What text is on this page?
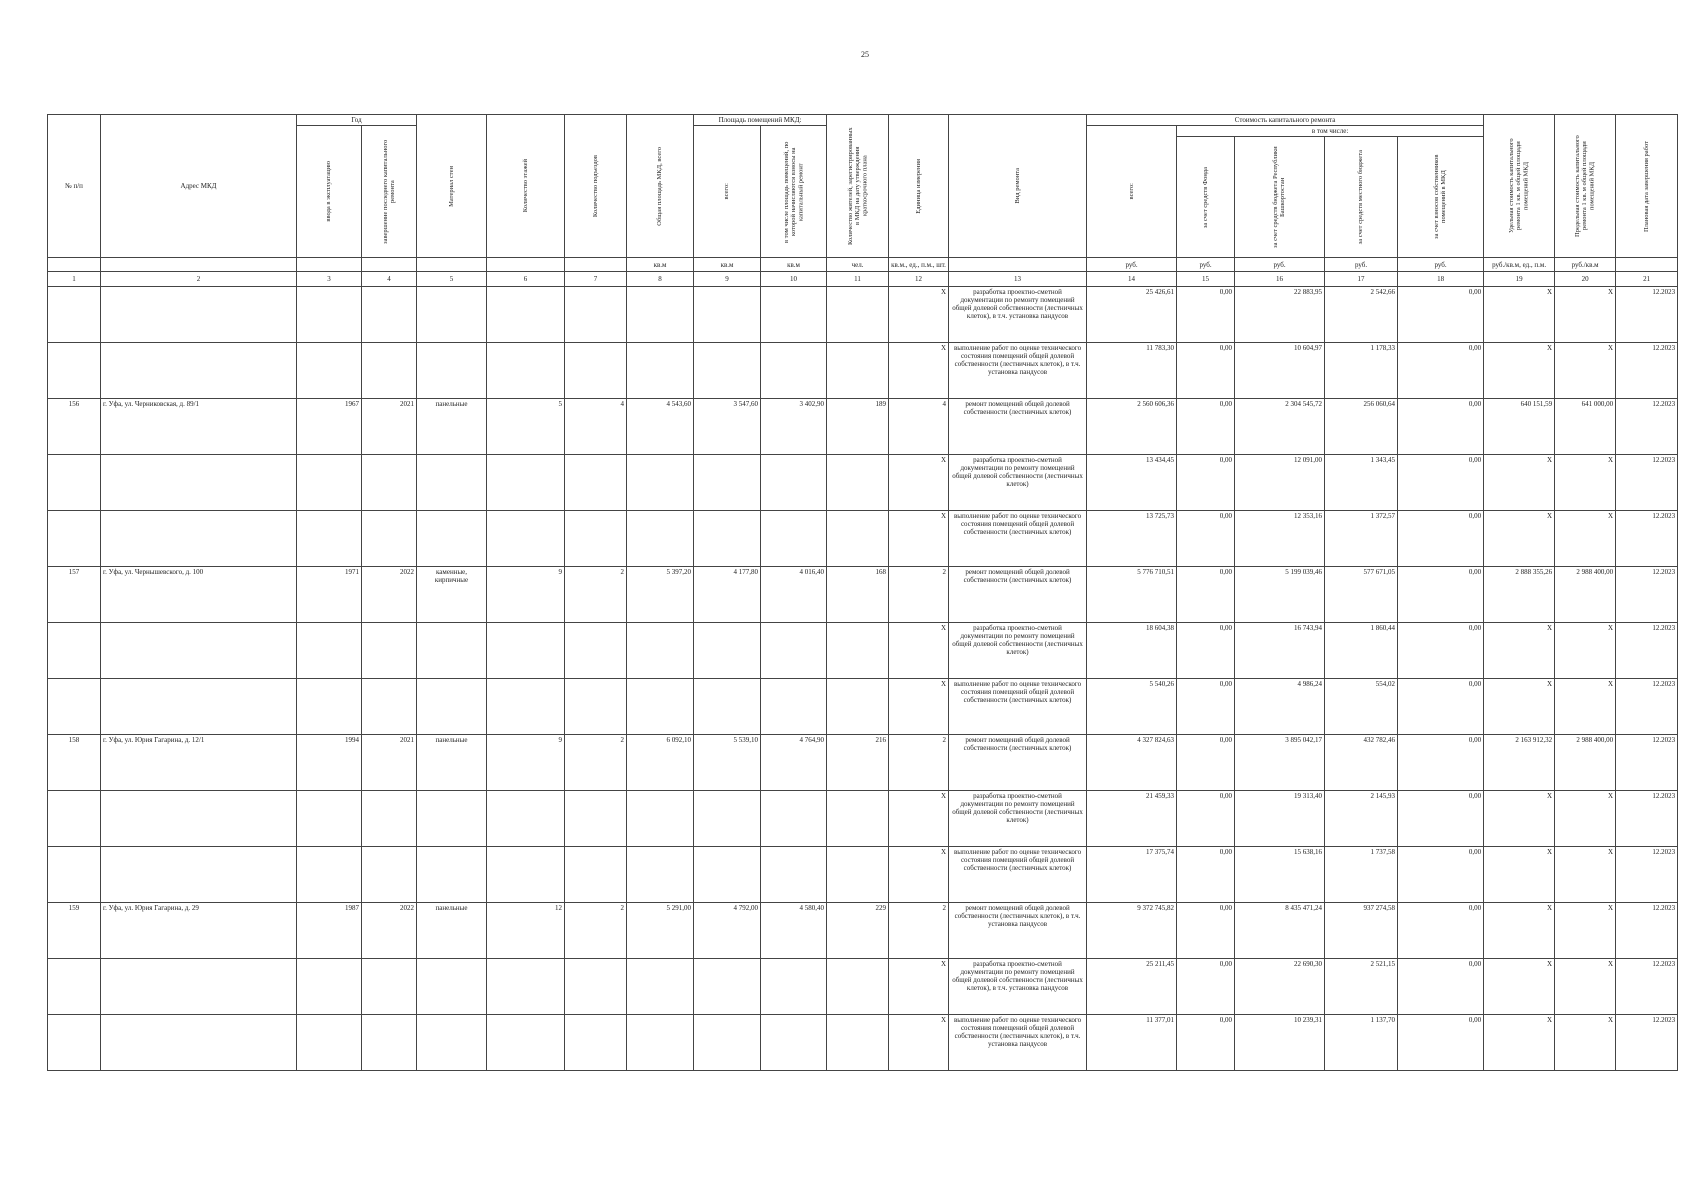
25
№ п/п	Адрес МКД	Год		Материал стен	Количество этажей	Количество подъездов	Общая площадь МКД, всего	Площадь помещений МКД:		Количество жителей, зарегистрированных в МКД на дату утверждения краткосрочного плана	Единица измерения	Вид ремонта	Стоимость капитального ремонта					Удельная стоимость капитального ремонта 1 кв. м общей площади помещений МКД	Предельная стоимость капитального ремонта 1 кв. м общей площади помещений МКД	Плановая дата завершения работ

		ввода в эксплуатацию	завершение последнего капитального ремонта					всего:	в том числе площадь помещений, по которой начисляются взносы на капитальный ремонт				всего:	в том числе:						

														за счет средств Фонда	за счет средств бюджета Республики Башкортостан	за счет средств местного бюджета	за счет взносов собственников помещений в МКД			

							кв.м	кв.м	кв.м	чел.	кв.м., ед., п.м., шт.		руб.	руб.	руб.	руб.	руб.	руб./кв.м, ед., п.м.	руб./кв.м	
1	2	3	4	5	6	7	8	9	10	11	12	13	14	15	16	17	18	19	20	21
											X	разработка проектно-сметной документации по ремонту помещений общей долевой собственности (лестничных клеток), в т.ч. установка пандусов	25 426,61	0,00	22 883,95	2 542,66	0,00	X	X	12.2023
											X	выполнение работ по оценке технического состояния помещений общей долевой собственности (лестничных клеток), в т.ч. установка пандусов	11 783,30	0,00	10 604,97	1 178,33	0,00	X	X	12.2023
156	г. Уфа, ул. Черниковская, д. 89/1	1967	2021	панельные	5	4	4 543,60	3 547,60	3 402,90	189	4	ремонт помещений общей долевой собственности (лестничных клеток)	2 560 606,36	0,00	2 304 545,72	256 060,64	0,00	640 151,59	641 000,00	12.2023
											X	разработка проектно-сметной документации по ремонту помещений общей долевой собственности (лестничных клеток)	13 434,45	0,00	12 091,00	1 343,45	0,00	X	X	12.2023
											X	выполнение работ по оценке технического состояния помещений общей долевой собственности (лестничных клеток)	13 725,73	0,00	12 353,16	1 372,57	0,00	X	X	12.2023
157	г. Уфа, ул. Чернышевского, д. 100	1971	2022	каменные, кирпичные	9	2	5 397,20	4 177,80	4 016,40	168	2	ремонт помещений общей долевой собственности (лестничных клеток)	5 776 710,51	0,00	5 199 039,46	577 671,05	0,00	2 888 355,26	2 988 400,00	12.2023
											X	разработка проектно-сметной документации по ремонту помещений общей долевой собственности (лестничных клеток)	18 604,38	0,00	16 743,94	1 860,44	0,00	X	X	12.2023
											X	выполнение работ по оценке технического состояния помещений общей долевой собственности (лестничных клеток)	5 540,26	0,00	4 986,24	554,02	0,00	X	X	12.2023
158	г. Уфа, ул. Юрия Гагарина, д. 12/1	1994	2021	панельные	9	2	6 092,10	5 539,10	4 764,90	216	2	ремонт помещений общей долевой собственности (лестничных клеток)	4 327 824,63	0,00	3 895 042,17	432 782,46	0,00	2 163 912,32	2 988 400,00	12.2023
											X	разработка проектно-сметной документации по ремонту помещений общей долевой собственности (лестничных клеток)	21 459,33	0,00	19 313,40	2 145,93	0,00	X	X	12.2023
											X	выполнение работ по оценке технического состояния помещений общей долевой собственности (лестничных клеток)	17 375,74	0,00	15 638,16	1 737,58	0,00	X	X	12.2023
159	г. Уфа, ул. Юрия Гагарина, д. 29	1987	2022	панельные	12	2	5 291,00	4 792,00	4 580,40	229	2	ремонт помещений общей долевой собственности (лестничных клеток), в т.ч. установка пандусов	9 372 745,82	0,00	8 435 471,24	937 274,58	0,00	X	X	12.2023
											X	разработка проектно-сметной документации по ремонту помещений общей долевой собственности (лестничных клеток), в т.ч. установка пандусов	25 211,45	0,00	22 690,30	2 521,15	0,00	X	X	12.2023
											X	выполнение работ по оценке технического состояния помещений общей долевой собственности (лестничных клеток), в т.ч. установка пандусов	11 377,01	0,00	10 239,31	1 137,70	0,00	X	X	12.2023
